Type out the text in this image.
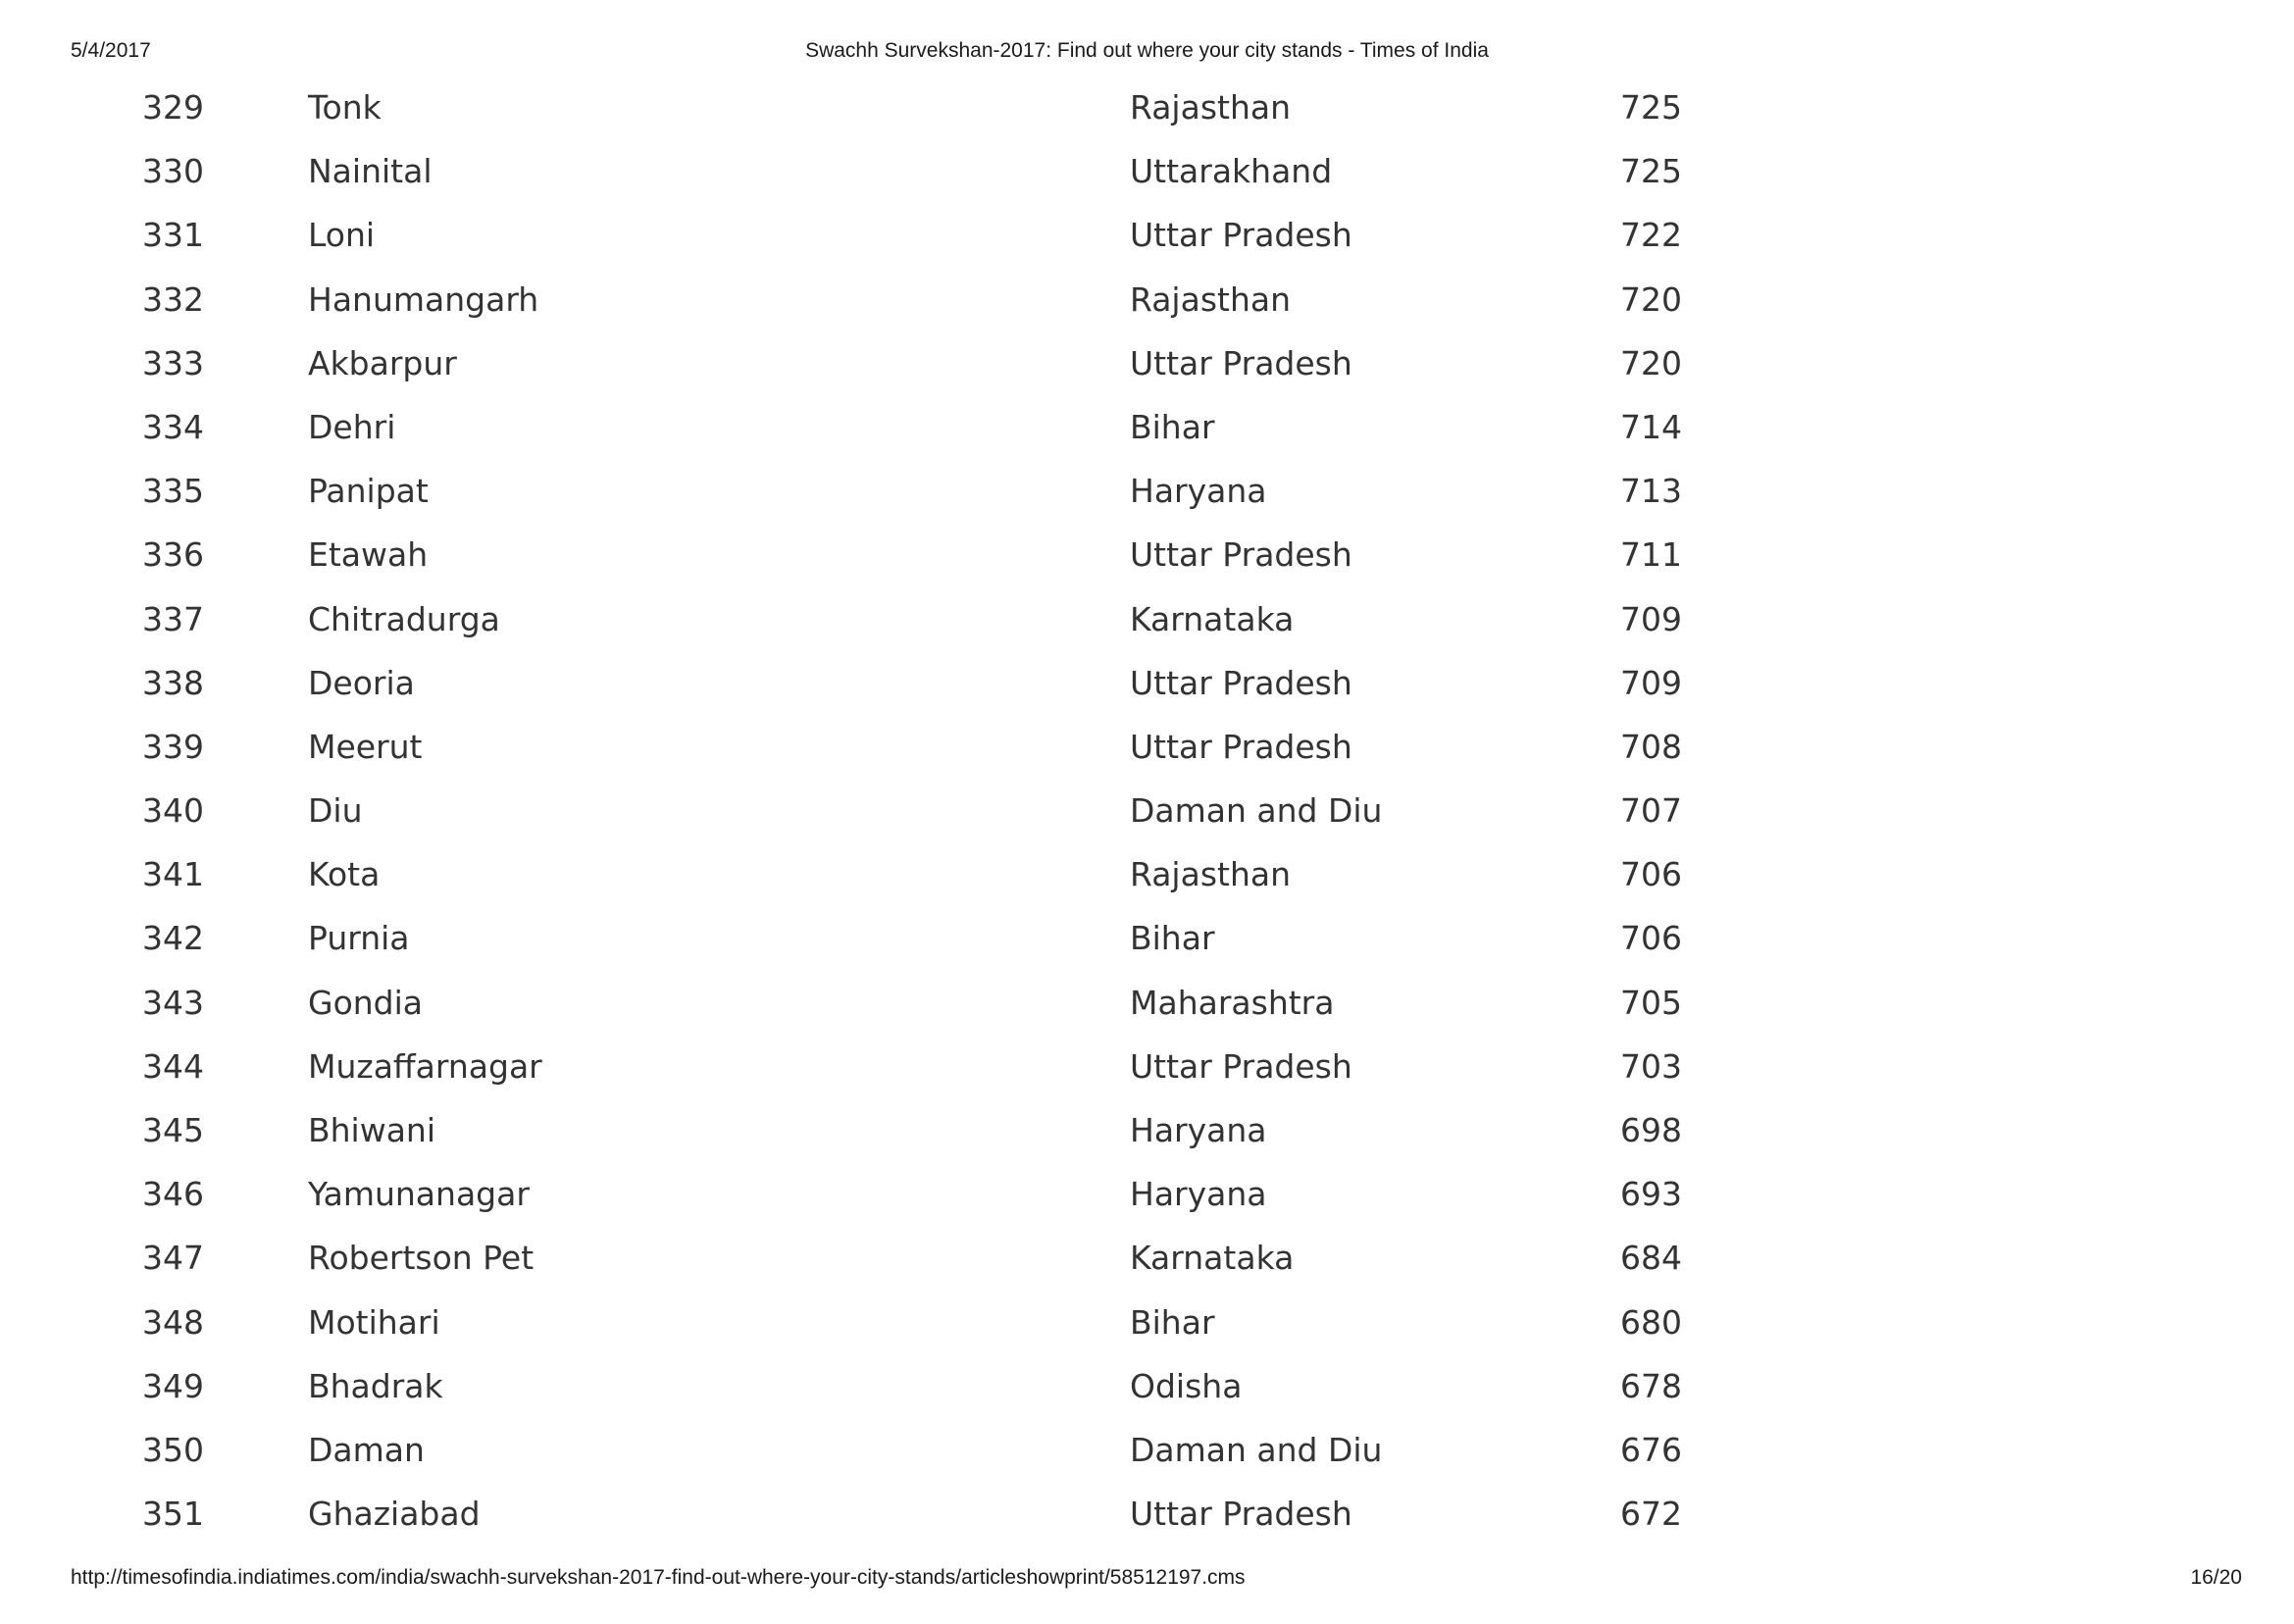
5/4/2017	Swachh Survekshan-2017: Find out where your city stands - Times of India
329	Tonk	Rajasthan	725
330	Nainital	Uttarakhand	725
331	Loni	Uttar Pradesh	722
332	Hanumangarh	Rajasthan	720
333	Akbarpur	Uttar Pradesh	720
334	Dehri	Bihar	714
335	Panipat	Haryana	713
336	Etawah	Uttar Pradesh	711
337	Chitradurga	Karnataka	709
338	Deoria	Uttar Pradesh	709
339	Meerut	Uttar Pradesh	708
340	Diu	Daman and Diu	707
341	Kota	Rajasthan	706
342	Purnia	Bihar	706
343	Gondia	Maharashtra	705
344	Muzaffarnagar	Uttar Pradesh	703
345	Bhiwani	Haryana	698
346	Yamunanagar	Haryana	693
347	Robertson Pet	Karnataka	684
348	Motihari	Bihar	680
349	Bhadrak	Odisha	678
350	Daman	Daman and Diu	676
351	Ghaziabad	Uttar Pradesh	672
http://timesofindia.indiatimes.com/india/swachh-survekshan-2017-find-out-where-your-city-stands/articleshowprint/58512197.cms	16/20
